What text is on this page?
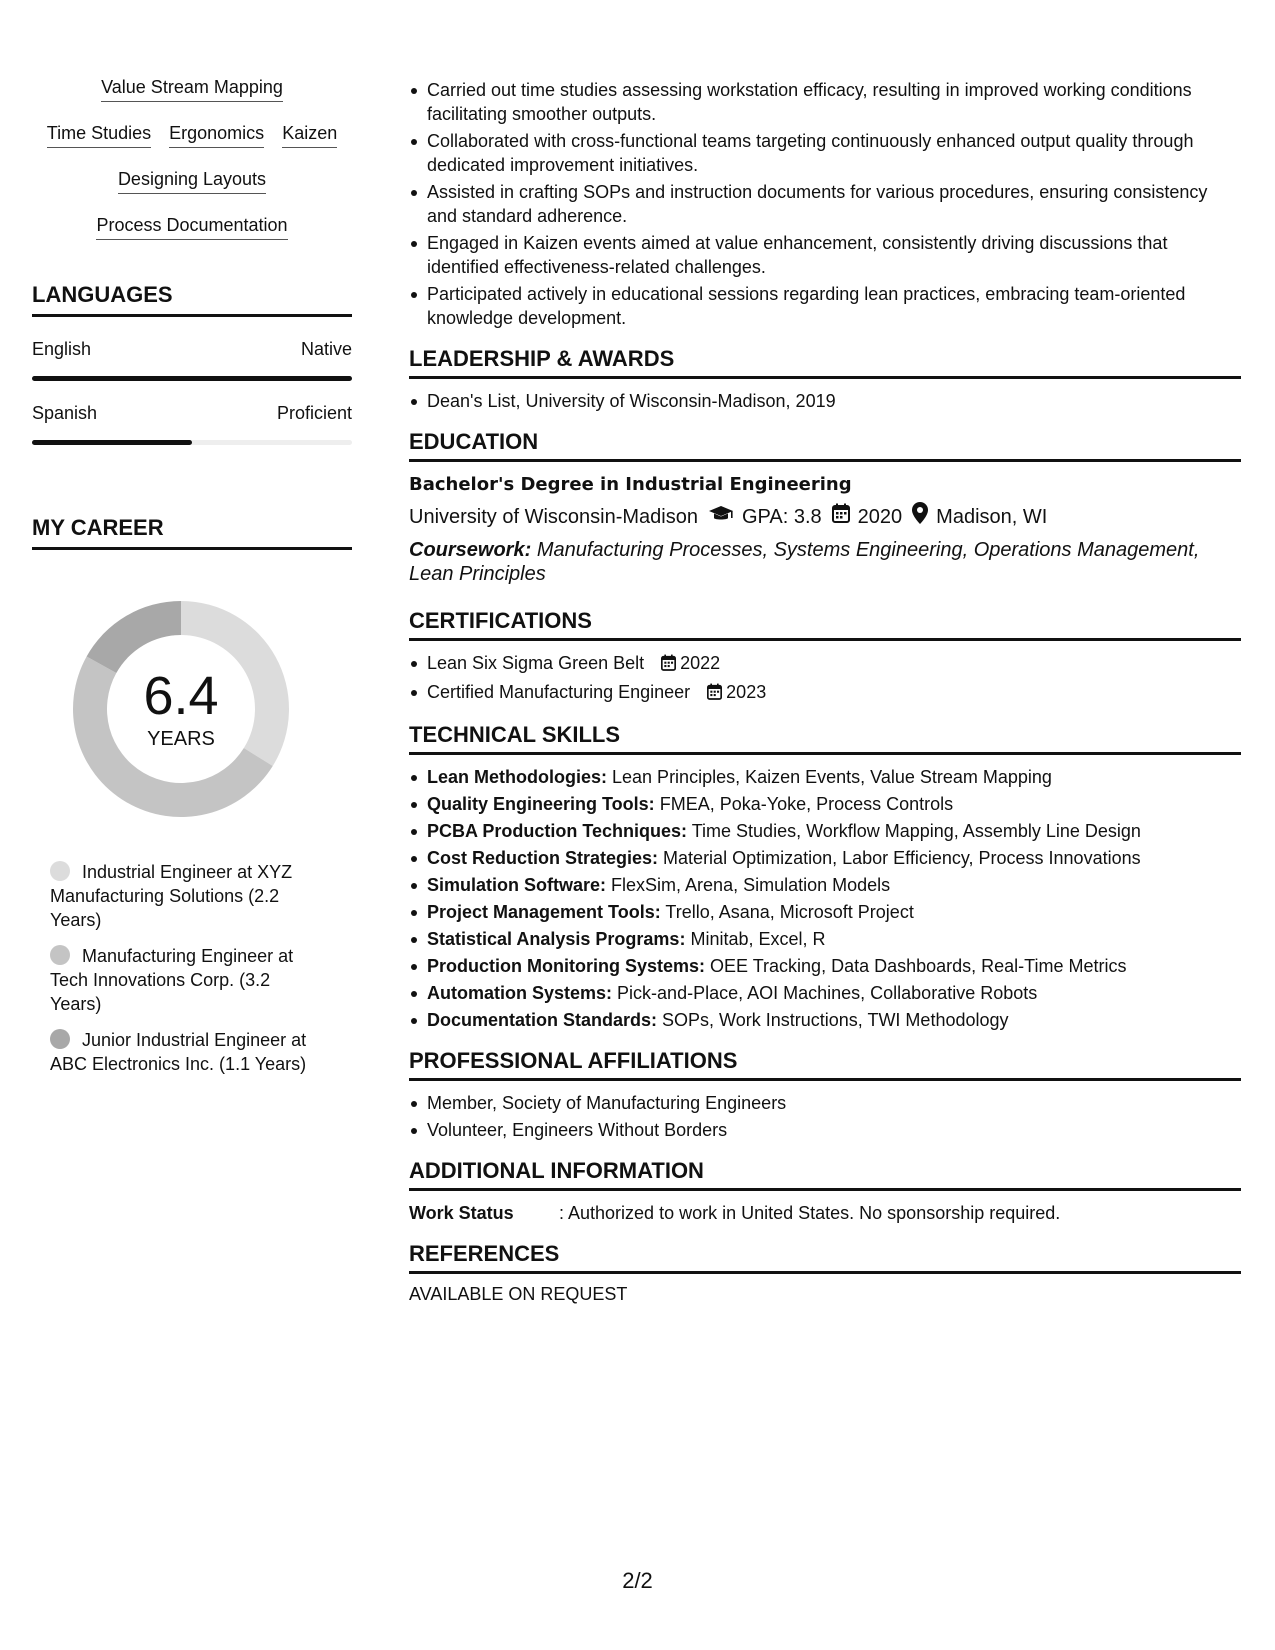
Value Stream Mapping
Time Studies Ergonomics Kaizen
Designing Layouts
Process Documentation
LANGUAGES
English	Native
Spanish	Proficient
MY CAREER
6.4
YEARS
Industrial Engineer at XYZ Manufacturing Solutions (2.2 Years)
Manufacturing Engineer at Tech Innovations Corp. (3.2 Years)
Junior Industrial Engineer at ABC Electronics Inc. (1.1 Years)
Carried out time studies assessing workstation efficacy, resulting in improved working conditions facilitating smoother outputs.
Collaborated with cross-functional teams targeting continuously enhanced output quality through dedicated improvement initiatives.
Assisted in crafting SOPs and instruction documents for various procedures, ensuring consistency and standard adherence.
Engaged in Kaizen events aimed at value enhancement, consistently driving discussions that identified effectiveness-related challenges.
Participated actively in educational sessions regarding lean practices, embracing team-oriented knowledge development.
LEADERSHIP & AWARDS
Dean's List, University of Wisconsin-Madison, 2019
EDUCATION
Bachelor's Degree in Industrial Engineering
University of Wisconsin-Madison GPA: 3.8 2020 Madison, WI
Coursework: Manufacturing Processes, Systems Engineering, Operations Management, Lean Principles
CERTIFICATIONS
Lean Six Sigma Green Belt 2022
Certified Manufacturing Engineer 2023
TECHNICAL SKILLS
Lean Methodologies: Lean Principles, Kaizen Events, Value Stream Mapping
Quality Engineering Tools: FMEA, Poka-Yoke, Process Controls
PCBA Production Techniques: Time Studies, Workflow Mapping, Assembly Line Design
Cost Reduction Strategies: Material Optimization, Labor Efficiency, Process Innovations
Simulation Software: FlexSim, Arena, Simulation Models
Project Management Tools: Trello, Asana, Microsoft Project
Statistical Analysis Programs: Minitab, Excel, R
Production Monitoring Systems: OEE Tracking, Data Dashboards, Real-Time Metrics
Automation Systems: Pick-and-Place, AOI Machines, Collaborative Robots
Documentation Standards: SOPs, Work Instructions, TWI Methodology
PROFESSIONAL AFFILIATIONS
Member, Society of Manufacturing Engineers
Volunteer, Engineers Without Borders
ADDITIONAL INFORMATION
Work Status	: Authorized to work in United States. No sponsorship required.
REFERENCES
AVAILABLE ON REQUEST
2/2
